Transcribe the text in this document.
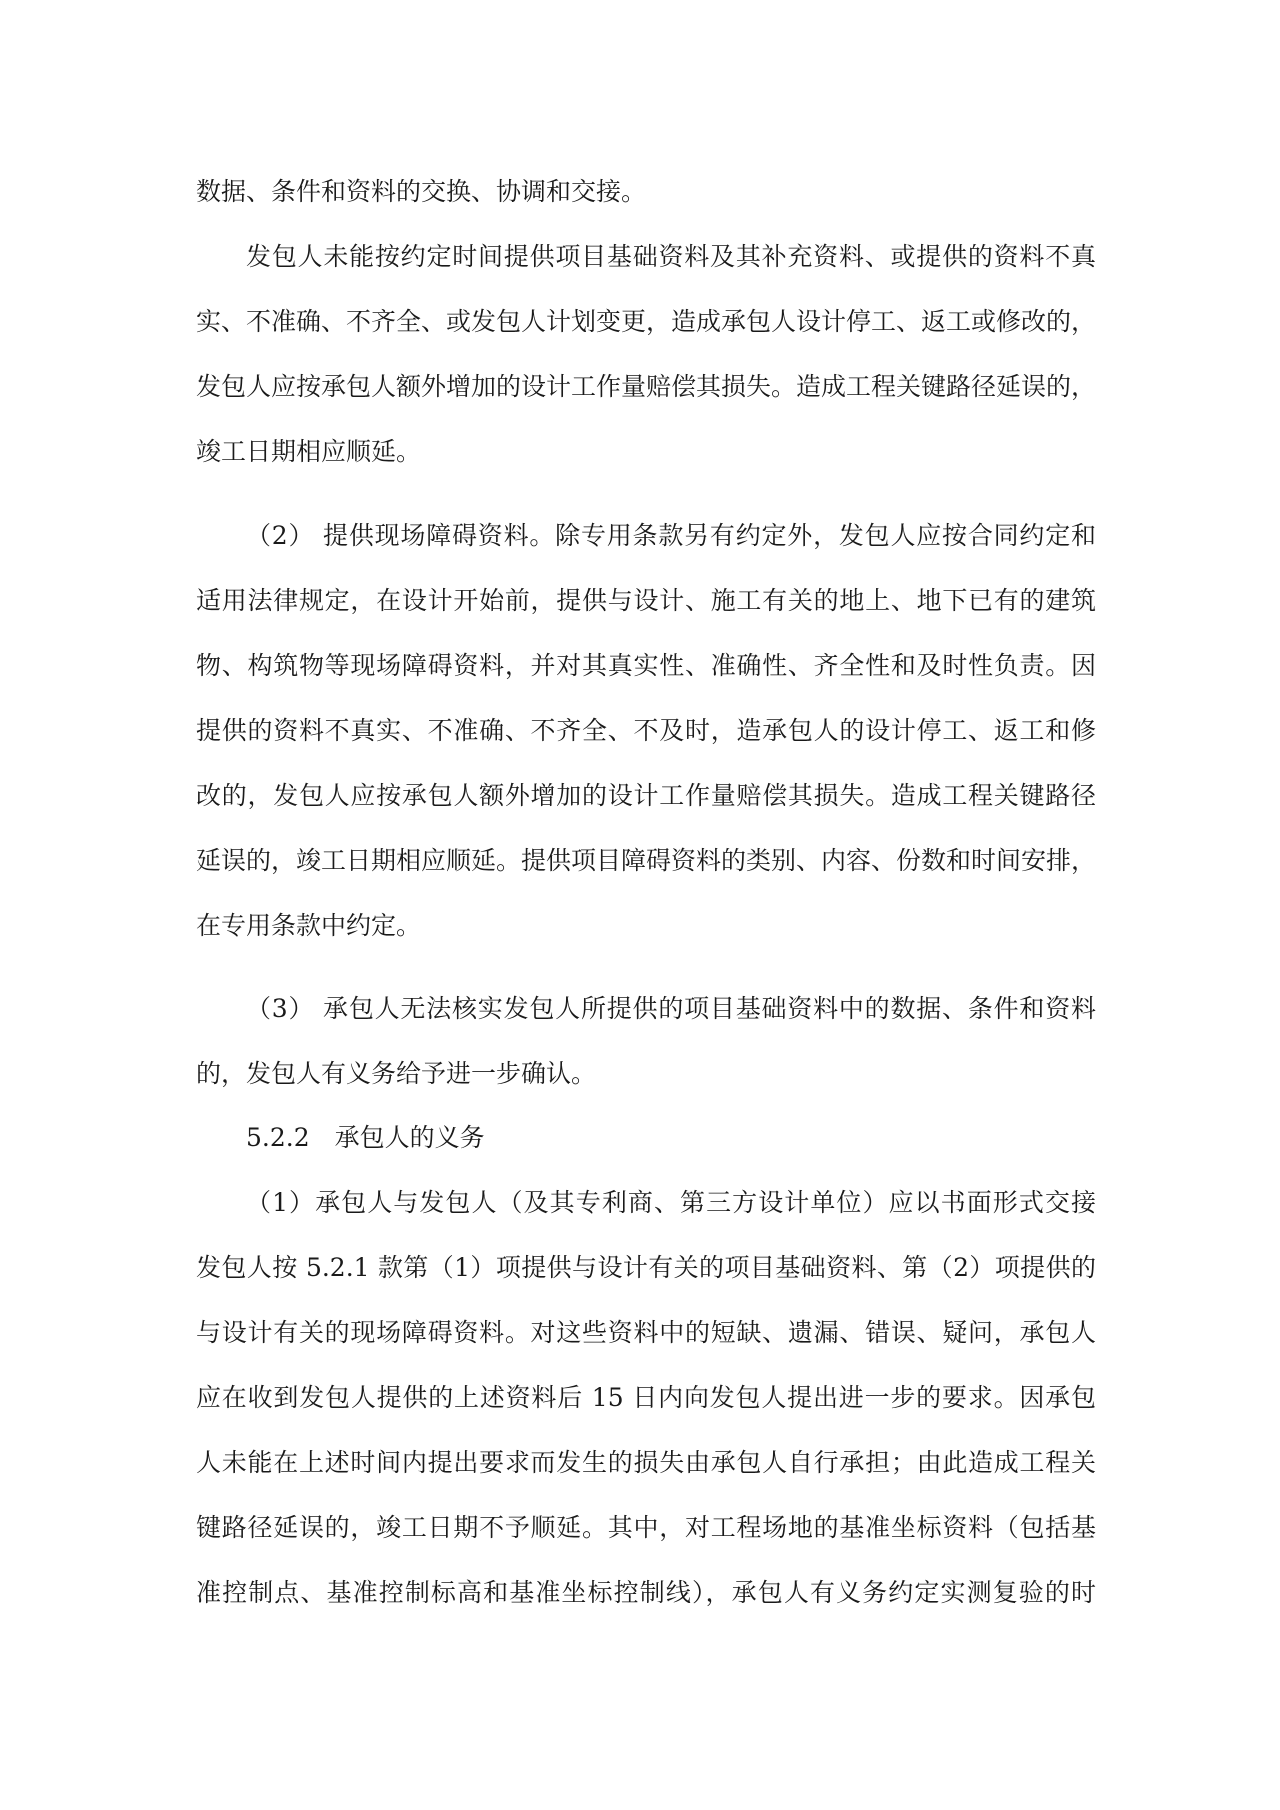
数据、条件和资料的交换、协调和交接。
发包人未能按约定时间提供项目基础资料及其补充资料、或提供的资料不真
实、不准确、不齐全、或发包人计划变更，造成承包人设计停工、返工或修改的，
发包人应按承包人额外增加的设计工作量赔偿其损失。造成工程关键路径延误的，
竣工日期相应顺延。
（2） 提供现场障碍资料。除专用条款另有约定外，发包人应按合同约定和
适用法律规定，在设计开始前，提供与设计、施工有关的地上、地下已有的建筑
物、构筑物等现场障碍资料，并对其真实性、准确性、齐全性和及时性负责。因
提供的资料不真实、不准确、不齐全、不及时，造承包人的设计停工、返工和修
改的，发包人应按承包人额外增加的设计工作量赔偿其损失。造成工程关键路径
延误的，竣工日期相应顺延。提供项目障碍资料的类别、内容、份数和时间安排，
在专用条款中约定。
（3） 承包人无法核实发包人所提供的项目基础资料中的数据、条件和资料
的，发包人有义务给予进一步确认。
5.2.2　承包人的义务
（1）承包人与发包人（及其专利商、第三方设计单位）应以书面形式交接
发包人按 5.2.1 款第（1）项提供与设计有关的项目基础资料、第（2）项提供的
与设计有关的现场障碍资料。对这些资料中的短缺、遗漏、错误、疑问，承包人
应在收到发包人提供的上述资料后 15 日内向发包人提出进一步的要求。因承包
人未能在上述时间内提出要求而发生的损失由承包人自行承担；由此造成工程关
键路径延误的，竣工日期不予顺延。其中，对工程场地的基准坐标资料（包括基
准控制点、基准控制标高和基准坐标控制线），承包人有义务约定实测复验的时
